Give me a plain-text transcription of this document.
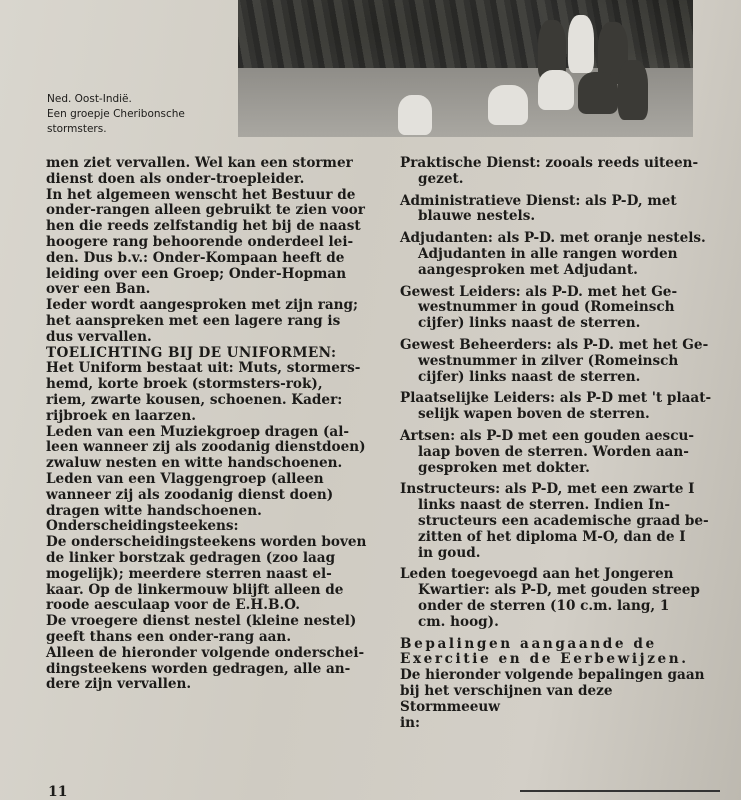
Ned. Oost-Indië.
Een groepje Cheribonsche
stormsters.

men ziet vervallen. Wel kan een stormer

dienst doen als onder-troepleider.

In het algemeen wenscht het Bestuur de

onder-rangen alleen gebruikt te zien voor

hen die reeds zelfstandig het bij de naast

hoogere rang behoorende onderdeel lei-

den. Dus b.v.: Onder-Kompaan heeft de

leiding over een Groep; Onder-Hopman

over een Ban.

Ieder wordt aangesproken met zijn rang;

het aanspreken met een lagere rang is

dus vervallen.

TOELICHTING BIJ DE UNIFORMEN:

Het Uniform bestaat uit: Muts, stormers-

hemd, korte broek (stormsters-rok),

riem, zwarte kousen, schoenen. Kader:

rijbroek en laarzen.

Leden van een Muziekgroep dragen (al-

leen wanneer zij als zoodanig dienstdoen)

zwaluw nesten en witte handschoenen.

Leden van een Vlaggengroep (alleen

wanneer zij als zoodanig dienst doen)

dragen witte handschoenen.

Onderscheidingsteekens:

De onderscheidingsteekens worden boven

de linker borstzak gedragen (zoo laag

mogelijk); meerdere sterren naast el-

kaar. Op de linkermouw blijft alleen de

roode aesculaap voor de E.H.B.O.

De vroegere dienst nestel (kleine nestel)

geeft thans een onder-rang aan.

Alleen de hieronder volgende onderschei-

dingsteekens worden gedragen, alle an-

dere zijn vervallen.

Praktische Dienst: zooals reeds uiteen-

gezet.

Administratieve Dienst: als P-D, met

blauwe nestels.

Adjudanten: als P-D. met oranje nestels.

Adjudanten in alle rangen worden

aangesproken met Adjudant.

Gewest Leiders: als P-D. met het Ge-

westnummer in goud (Romeinsch

cijfer) links naast de sterren.

Gewest Beheerders: als P-D. met het Ge-

westnummer in zilver (Romeinsch

cijfer) links naast de sterren.

Plaatselijke Leiders: als P-D met 't plaat-

selijk wapen boven de sterren.

Artsen: als P-D met een gouden aescu-

laap boven de sterren. Worden aan-

gesproken met dokter.

Instructeurs: als P-D, met een zwarte I

links naast de sterren. Indien In-

structeurs een academische graad be-

zitten of het diploma M-O, dan de I

in goud.

Leden toegevoegd aan het Jongeren

Kwartier: als P-D, met gouden streep

onder de sterren (10 c.m. lang, 1

cm. hoog).

Bepalingen aangaande de

Exercitie en de Eerbewijzen.

De hieronder volgende bepalingen gaan

bij het verschijnen van deze Stormmeeuw

in:

11
